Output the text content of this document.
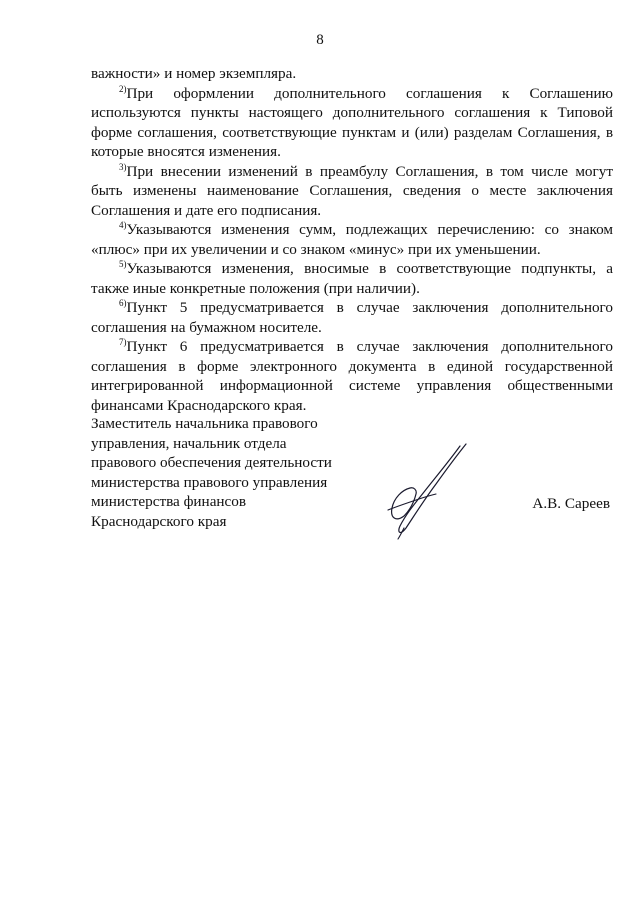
8

важности» и номер экземпляра.

$^{2)}$При оформлении дополнительного соглашения к Соглашению используются пункты настоящего дополнительного соглашения к Типовой форме соглашения, соответствующие пунктам и (или) разделам Соглашения, в которые вносятся изменения.

$^{3)}$При внесении изменений в преамбулу Соглашения, в том числе могут быть изменены наименование Соглашения, сведения о месте заключения Соглашения и дате его подписания.

$^{4)}$Указываются изменения сумм, подлежащих перечислению: со знаком «плюс» при их увеличении и со знаком «минус» при их уменьшении.

$^{5)}$Указываются изменения, вносимые в соответствующие подпункты, а также иные конкретные положения (при наличии).

$^{6)}$Пункт 5 предусматривается в случае заключения дополнительного соглашения на бумажном носителе.

$^{7)}$Пункт 6 предусматривается в случае заключения дополнительного соглашения в форме электронного документа в единой государственной интегрированной информационной системе управления общественными финансами Краснодарского края.

Заместитель начальника правового
управления, начальник отдела
правового обеспечения деятельности
министерства правового управления
министерства финансов
Краснодарского края
А.В. Сареев
